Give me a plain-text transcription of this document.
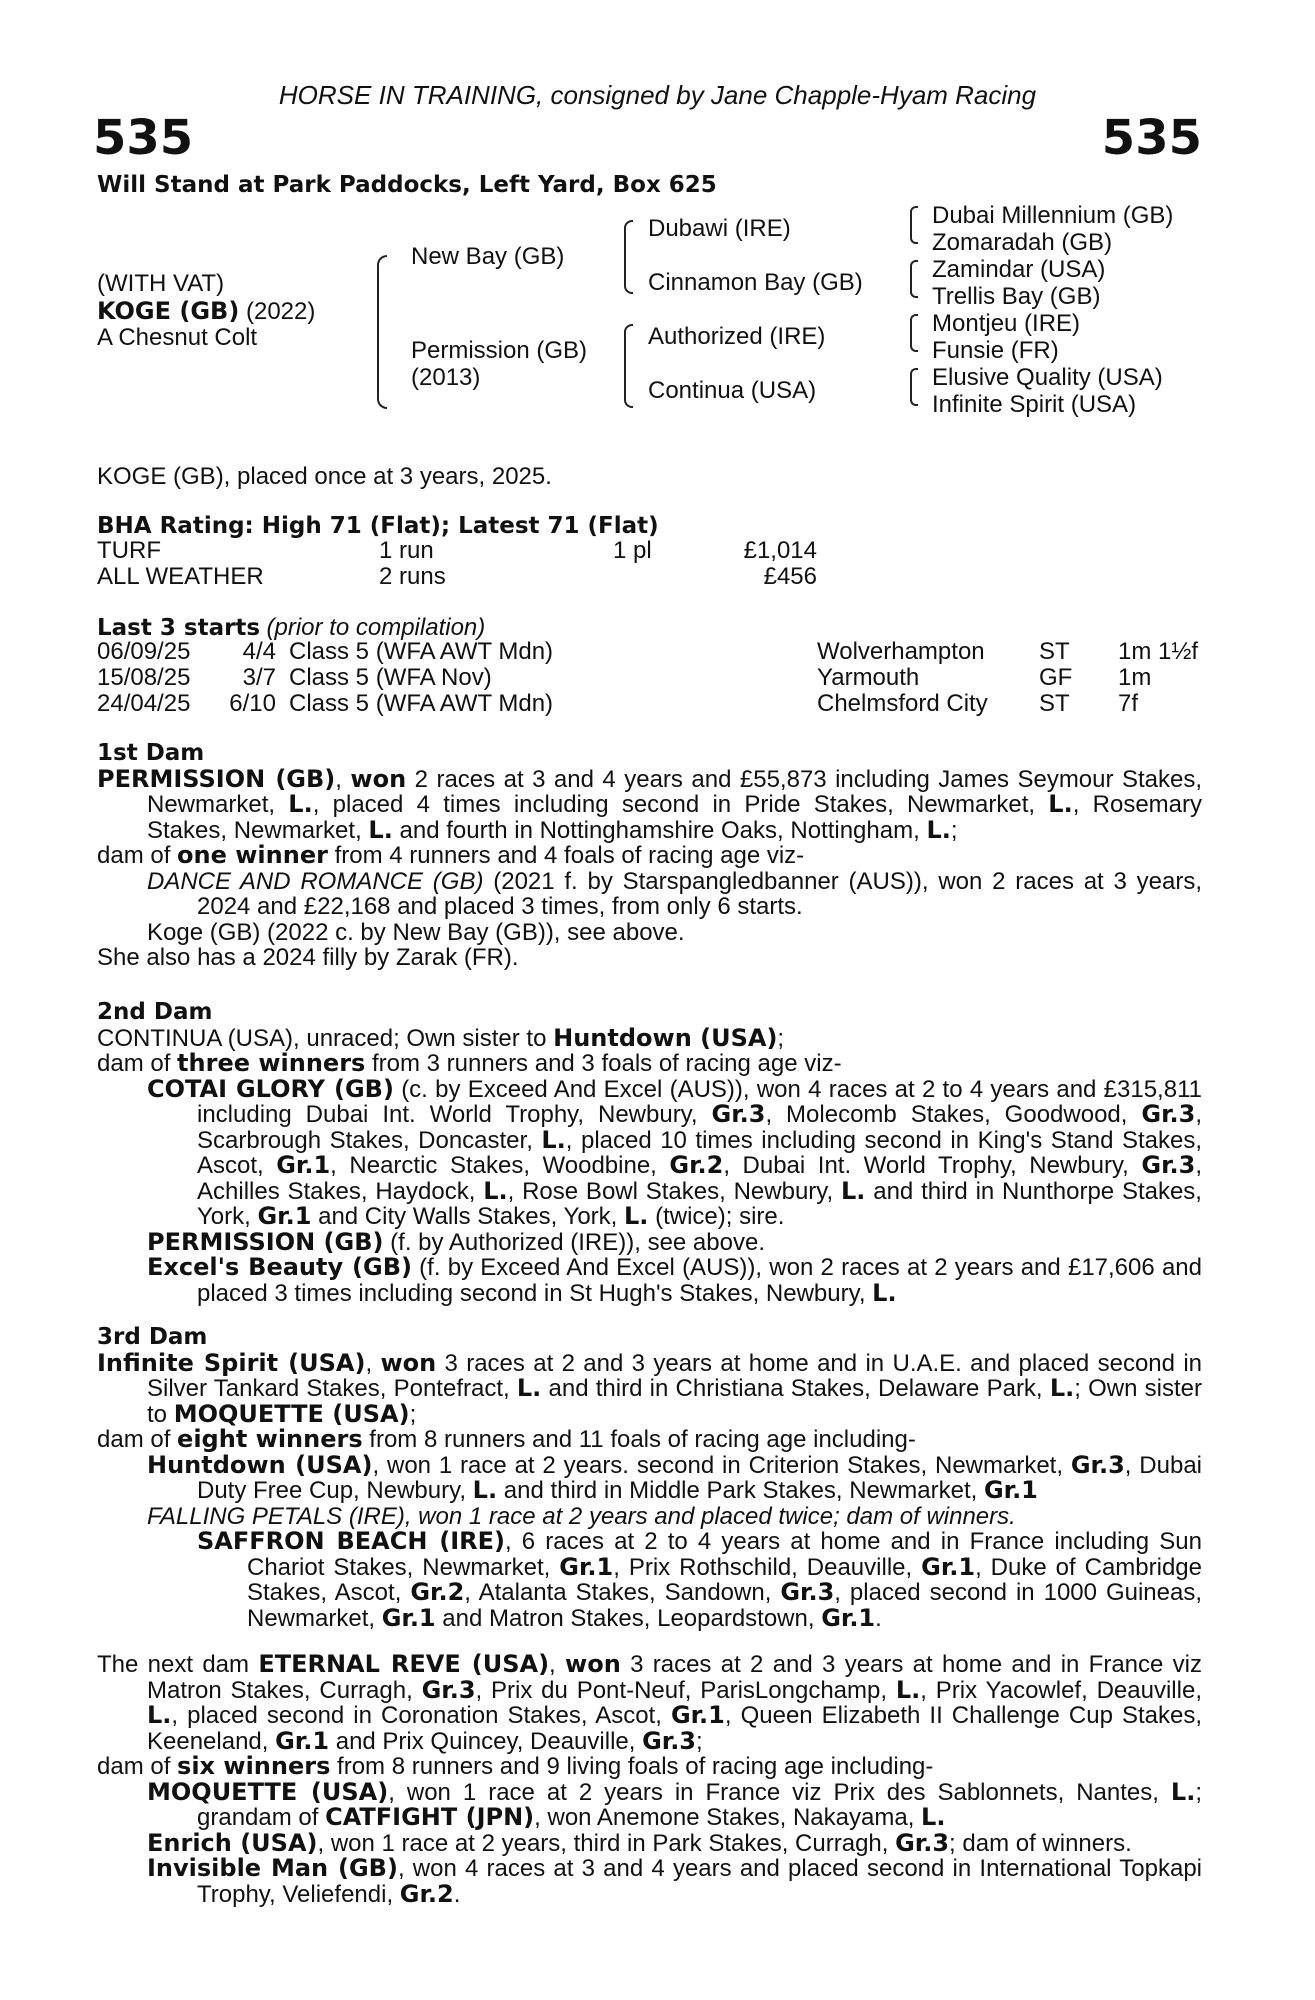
HORSE IN TRAINING, consigned by Jane Chapple-Hyam Racing
535	535
Will Stand at Park Paddocks, Left Yard, Box 625
(WITH VAT)
KOGE (GB) (2022)
A Chesnut Colt
New Bay (GB)
Permission (GB)
(2013)
Dubawi (IRE)
Cinnamon Bay (GB)
Authorized (IRE)
Continua (USA)
Dubai Millennium (GB)
Zomaradah (GB)
Zamindar (USA)
Trellis Bay (GB)
Montjeu (IRE)
Funsie (FR)
Elusive Quality (USA)
Infinite Spirit (USA)
KOGE (GB), placed once at 3 years, 2025.
BHA Rating: High 71 (Flat); Latest 71 (Flat)
TURF	1 run	1 pl	£1,014
ALL WEATHER	2 runs	£456
Last 3 starts (prior to compilation)
06/09/25 4/4 Class 5 (WFA AWT Mdn)	Wolverhampton ST 1m 1½f
15/08/25 3/7 Class 5 (WFA Nov)	Yarmouth	GF 1m
24/04/25 6/10 Class 5 (WFA AWT Mdn)	Chelmsford City ST 7f

1st Dam

PERMISSION (GB), won 2 races at 3 and 4 years and £55,873 including James Seymour Stakes, Newmarket, L., placed 4 times including second in Pride Stakes, Newmarket, L., Rosemary Stakes, Newmarket, L. and fourth in Nottinghamshire Oaks, Nottingham, L.;

dam of one winner from 4 runners and 4 foals of racing age viz-

DANCE AND ROMANCE (GB) (2021 f. by Starspangledbanner (AUS)), won 2 races at 3 years, 2024 and £22,168 and placed 3 times, from only 6 starts.

Koge (GB) (2022 c. by New Bay (GB)), see above.

She also has a 2024 filly by Zarak (FR).

2nd Dam

CONTINUA (USA), unraced; Own sister to Huntdown (USA);

dam of three winners from 3 runners and 3 foals of racing age viz-

COTAI GLORY (GB) (c. by Exceed And Excel (AUS)), won 4 races at 2 to 4 years and £315,811 including Dubai Int. World Trophy, Newbury, Gr.3, Molecomb Stakes, Goodwood, Gr.3, Scarbrough Stakes, Doncaster, L., placed 10 times including second in King's Stand Stakes, Ascot, Gr.1, Nearctic Stakes, Woodbine, Gr.2, Dubai Int. World Trophy, Newbury, Gr.3, Achilles Stakes, Haydock, L., Rose Bowl Stakes, Newbury, L. and third in Nunthorpe Stakes, York, Gr.1 and City Walls Stakes, York, L. (twice); sire.

PERMISSION (GB) (f. by Authorized (IRE)), see above.

Excel's Beauty (GB) (f. by Exceed And Excel (AUS)), won 2 races at 2 years and £17,606 and placed 3 times including second in St Hugh's Stakes, Newbury, L.

3rd Dam

Infinite Spirit (USA), won 3 races at 2 and 3 years at home and in U.A.E. and placed second in Silver Tankard Stakes, Pontefract, L. and third in Christiana Stakes, Delaware Park, L.; Own sister to MOQUETTE (USA);

dam of eight winners from 8 runners and 11 foals of racing age including-

Huntdown (USA), won 1 race at 2 years. second in Criterion Stakes, Newmarket, Gr.3, Dubai Duty Free Cup, Newbury, L. and third in Middle Park Stakes, Newmarket, Gr.1

FALLING PETALS (IRE), won 1 race at 2 years and placed twice; dam of winners.

SAFFRON BEACH (IRE), 6 races at 2 to 4 years at home and in France including Sun Chariot Stakes, Newmarket, Gr.1, Prix Rothschild, Deauville, Gr.1, Duke of Cambridge Stakes, Ascot, Gr.2, Atalanta Stakes, Sandown, Gr.3, placed second in 1000 Guineas, Newmarket, Gr.1 and Matron Stakes, Leopardstown, Gr.1.

The next dam ETERNAL REVE (USA), won 3 races at 2 and 3 years at home and in France viz Matron Stakes, Curragh, Gr.3, Prix du Pont-Neuf, ParisLongchamp, L., Prix Yacowlef, Deauville, L., placed second in Coronation Stakes, Ascot, Gr.1, Queen Elizabeth II Challenge Cup Stakes, Keeneland, Gr.1 and Prix Quincey, Deauville, Gr.3;

dam of six winners from 8 runners and 9 living foals of racing age including-

MOQUETTE (USA), won 1 race at 2 years in France viz Prix des Sablonnets, Nantes, L.; grandam of CATFIGHT (JPN), won Anemone Stakes, Nakayama, L.

Enrich (USA), won 1 race at 2 years, third in Park Stakes, Curragh, Gr.3; dam of winners.

Invisible Man (GB), won 4 races at 3 and 4 years and placed second in International Topkapi Trophy, Veliefendi, Gr.2.
